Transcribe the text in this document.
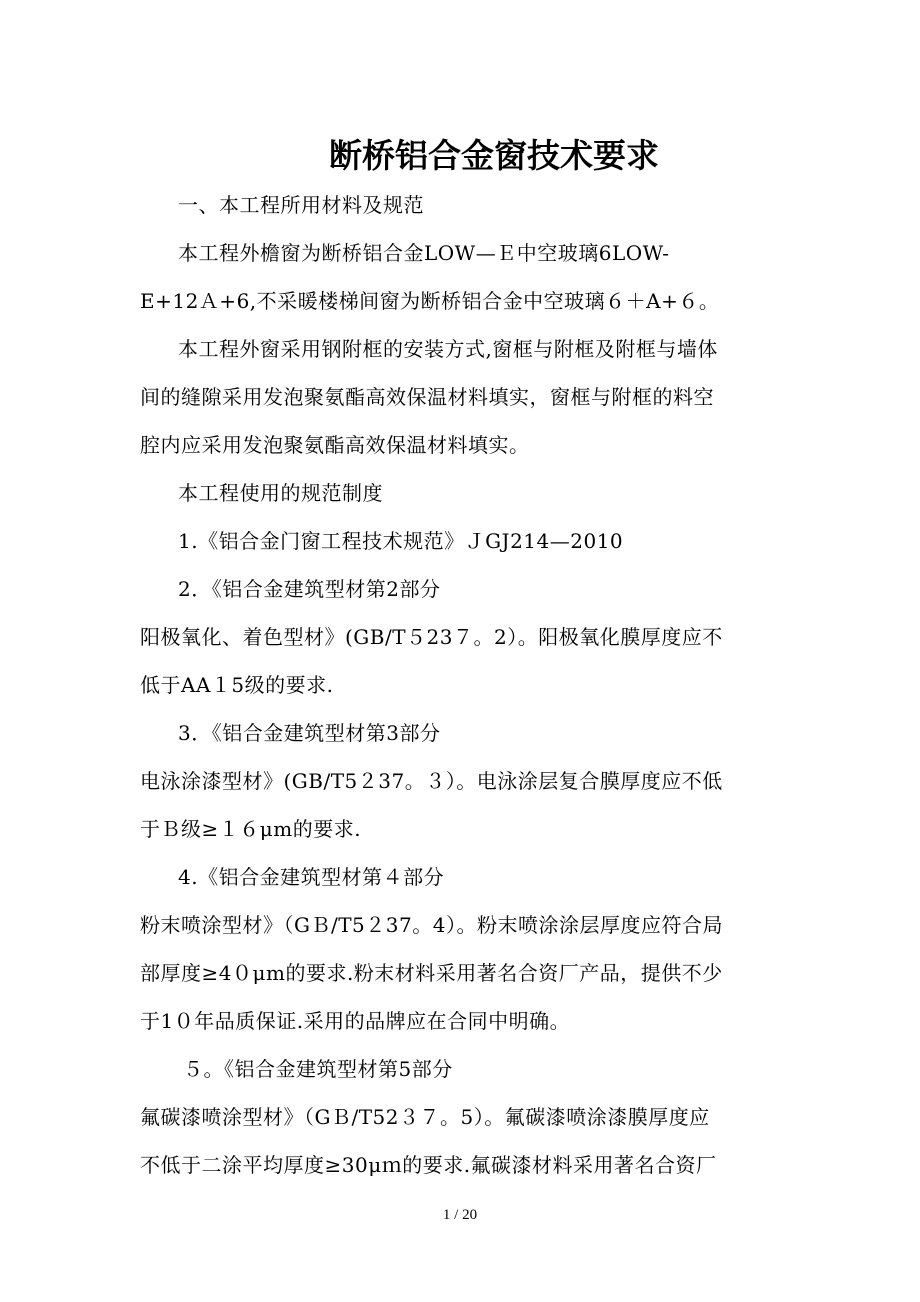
断桥铝合金窗技术要求
一、本工程所用材料及规范
本工程外檐窗为断桥铝合金LOW—Ｅ中空玻璃6LOW-
E+12Ａ+6,不采暖楼梯间窗为断桥铝合金中空玻璃６＋A+６。
本工程外窗采用钢附框的安装方式,窗框与附框及附框与墙体
间的缝隙采用发泡聚氨酯高效保温材料填实，窗框与附框的料空
腔内应采用发泡聚氨酯高效保温材料填实。
本工程使用的规范制度
1.《铝合金门窗工程技术规范》ＪGJ214—2010
2．《铝合金建筑型材第2部分
阳极氧化、着色型材》(GB/T５23７。2）。阳极氧化膜厚度应不
低于AA１5级的要求.
3．《铝合金建筑型材第3部分
电泳涂漆型材》(GB/T5２37。３）。电泳涂层复合膜厚度应不低
于Ｂ级≥１６μm的要求.
4.《铝合金建筑型材第４部分
粉末喷涂型材》（GＢ/T5２37。4）。粉末喷涂涂层厚度应符合局
部厚度≥4０μm的要求.粉末材料采用著名合资厂产品，提供不少
于1０年品质保证.采用的品牌应在合同中明确。
５。《铝合金建筑型材第5部分
氟碳漆喷涂型材》（GＢ/T52３７。5）。氟碳漆喷涂漆膜厚度应
不低于二涂平均厚度≥30μｍ的要求.氟碳漆材料采用著名合资厂
1 / 20
